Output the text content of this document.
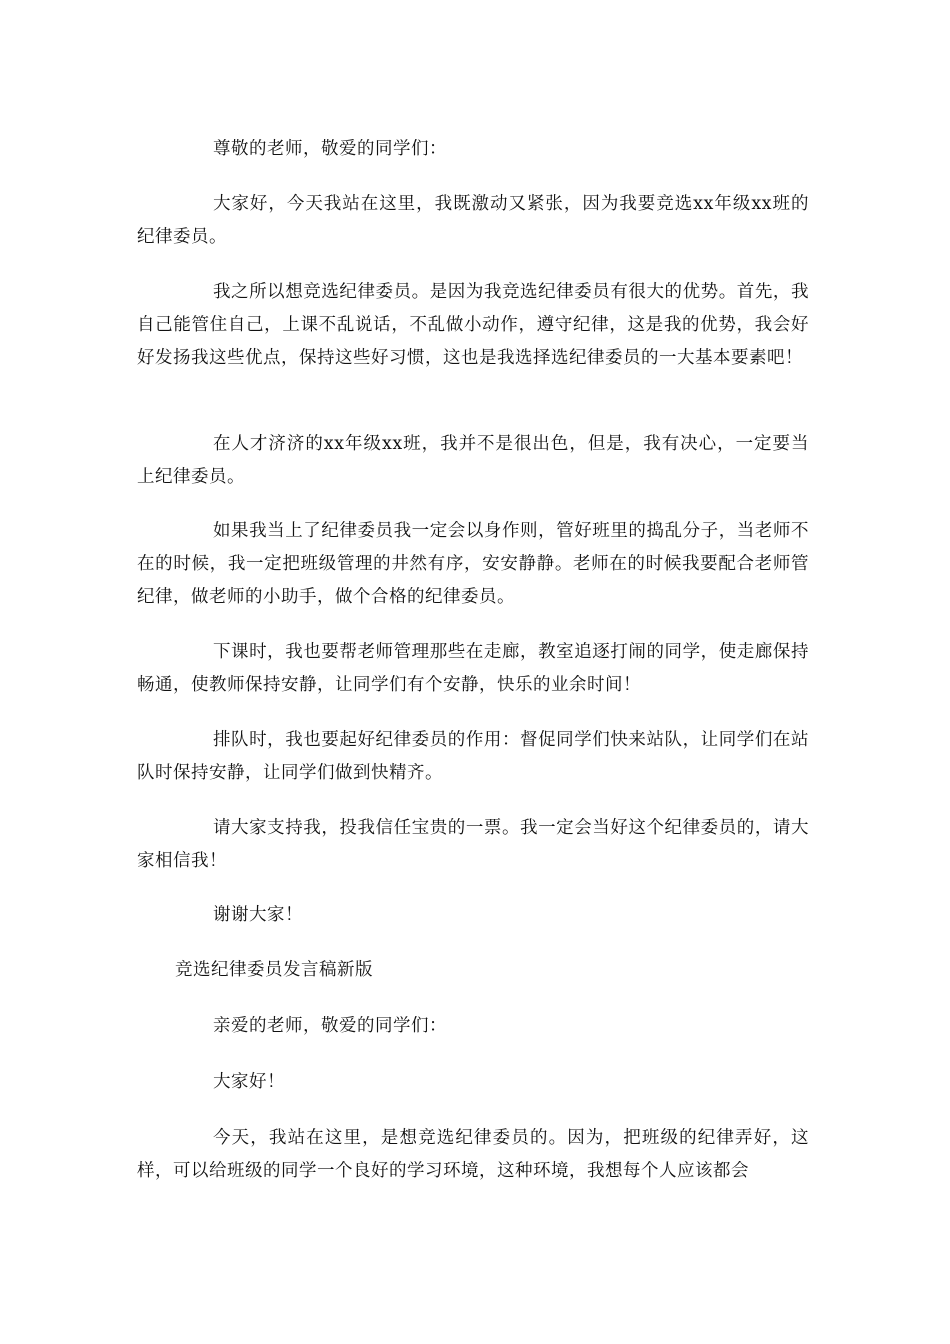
尊敬的老师，敬爱的同学们：

大家好，今天我站在这里，我既激动又紧张，因为我要竞选xx年级xx班的纪律委员。

我之所以想竞选纪律委员。是因为我竞选纪律委员有很大的优势。首先，我自己能管住自己，上课不乱说话，不乱做小动作，遵守纪律，这是我的优势，我会好好发扬我这些优点，保持这些好习惯，这也是我选择选纪律委员的一大基本要素吧！

在人才济济的xx年级xx班，我并不是很出色，但是，我有决心，一定要当上纪律委员。

如果我当上了纪律委员我一定会以身作则，管好班里的捣乱分子，当老师不在的时候，我一定把班级管理的井然有序，安安静静。老师在的时候我要配合老师管纪律，做老师的小助手，做个合格的纪律委员。

下课时，我也要帮老师管理那些在走廊，教室追逐打闹的同学，使走廊保持畅通，使教师保持安静，让同学们有个安静，快乐的业余时间！

排队时，我也要起好纪律委员的作用：督促同学们快来站队，让同学们在站队时保持安静，让同学们做到快精齐。

请大家支持我，投我信任宝贵的一票。我一定会当好这个纪律委员的，请大家相信我！

谢谢大家！

竞选纪律委员发言稿新版

亲爱的老师，敬爱的同学们：

大家好！

今天，我站在这里，是想竞选纪律委员的。因为，把班级的纪律弄好，这样，可以给班级的同学一个良好的学习环境，这种环境，我想每个人应该都会
